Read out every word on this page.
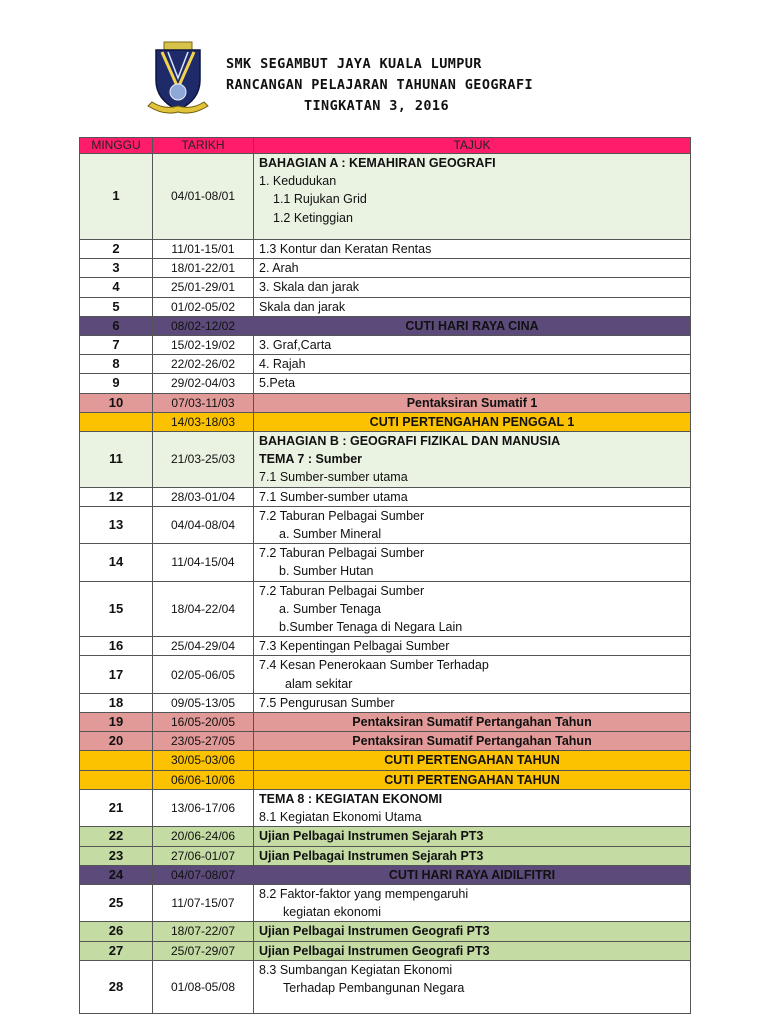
SMK SEGAMBUT JAYA KUALA LUMPUR
RANCANGAN PELAJARAN TAHUNAN GEOGRAFI
TINGKATAN 3, 2016
MINGGU	TARIKH	TAJUK
1	04/01-08/01	BAHAGIAN A : KEMAHIRAN GEOGRAFI
1. Kedudukan
1.1 Rujukan Grid
1.2 Ketinggian

2	11/01-15/01	1.3 Kontur dan Keratan Rentas
3	18/01-22/01	2. Arah
4	25/01-29/01	3. Skala dan jarak
5	01/02-05/02	Skala dan jarak
6	08/02-12/02	CUTI HARI RAYA CINA
7	15/02-19/02	3. Graf,Carta
8	22/02-26/02	4. Rajah
9	29/02-04/03	5.Peta
10	07/03-11/03	Pentaksiran Sumatif 1
	14/03-18/03	CUTI PERTENGAHAN PENGGAL 1
11	21/03-25/03	BAHAGIAN B : GEOGRAFI FIZIKAL DAN MANUSIA
TEMA 7 : Sumber
7.1 Sumber-sumber utama

12	28/03-01/04	7.1 Sumber-sumber utama
13	04/04-08/04	7.2 Taburan Pelbagai Sumber
a. Sumber Mineral

14	11/04-15/04	7.2 Taburan Pelbagai Sumber
b. Sumber Hutan

15	18/04-22/04	7.2 Taburan Pelbagai Sumber
a. Sumber Tenaga
b.Sumber Tenaga di Negara Lain

16	25/04-29/04	7.3 Kepentingan Pelbagai Sumber
17	02/05-06/05	7.4 Kesan Penerokaan Sumber Terhadap
alam sekitar

18	09/05-13/05	7.5 Pengurusan Sumber
19	16/05-20/05	Pentaksiran Sumatif Pertangahan Tahun
20	23/05-27/05	Pentaksiran Sumatif Pertangahan Tahun
	30/05-03/06	CUTI PERTENGAHAN TAHUN
	06/06-10/06	CUTI PERTENGAHAN TAHUN
21	13/06-17/06	TEMA 8 : KEGIATAN EKONOMI
8.1 Kegiatan Ekonomi Utama

22	20/06-24/06	Ujian Pelbagai Instrumen Sejarah PT3
23	27/06-01/07	Ujian Pelbagai Instrumen Sejarah PT3
24	04/07-08/07	CUTI HARI RAYA AIDILFITRI
25	11/07-15/07	8.2 Faktor-faktor yang mempengaruhi
kegiatan ekonomi

26	18/07-22/07	Ujian Pelbagai Instrumen Geografi PT3
27	25/07-29/07	Ujian Pelbagai Instrumen Geografi PT3
28	01/08-05/08	8.3 Sumbangan Kegiatan Ekonomi
Terhadap Pembangunan Negara
